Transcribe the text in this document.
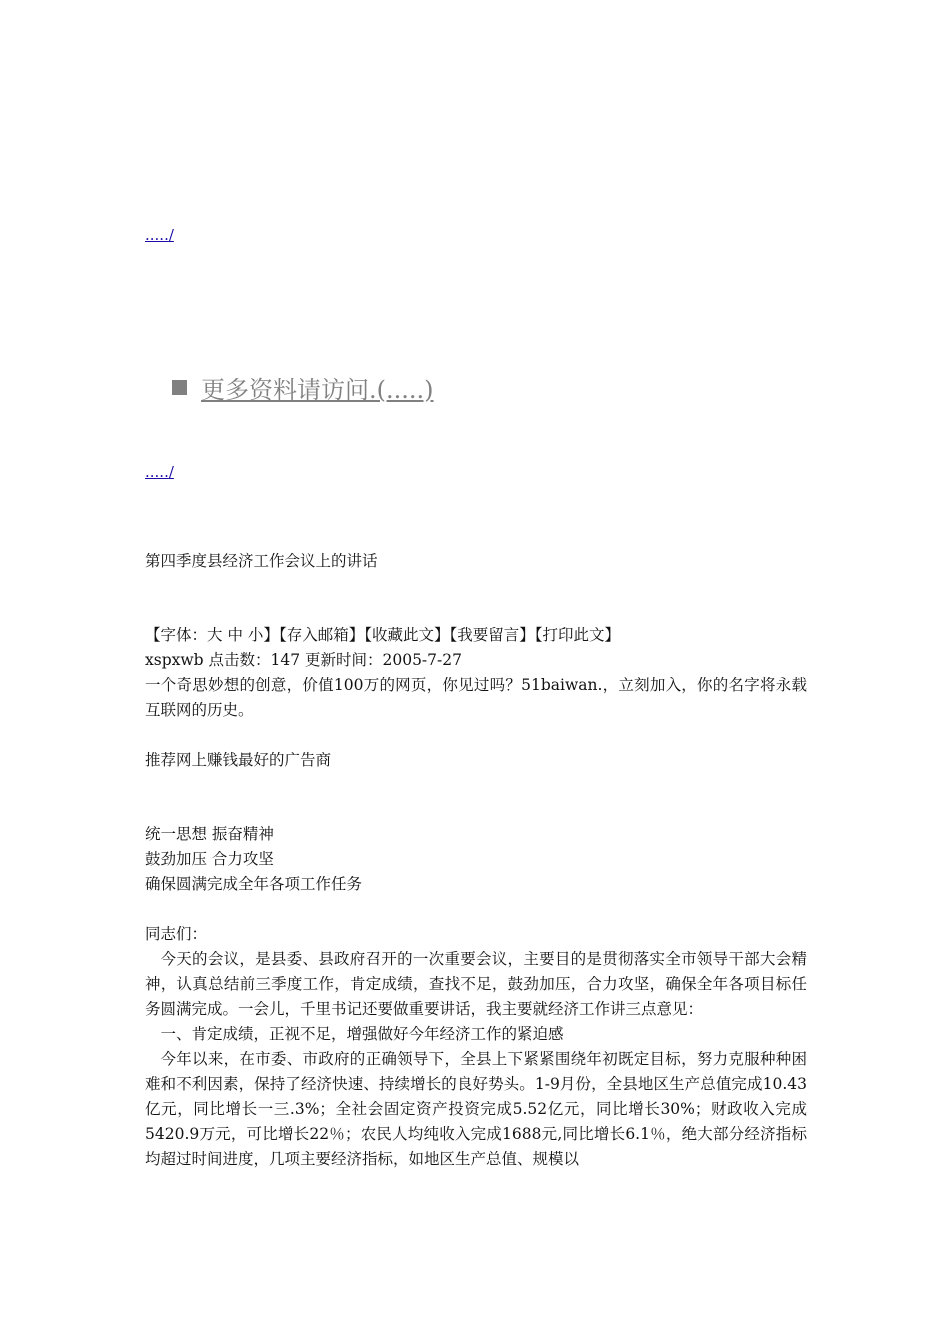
...../
更多资料请访问.(.....)
...../
第四季度县经济工作会议上的讲话
【字体：大 中 小】【存入邮箱】【收藏此文】【我要留言】【打印此文】
xspxwb 点击数：147 更新时间：2005-7-27

一个奇思妙想的创意，价值100万的网页，你见过吗？51baiwan.，立刻加入，你的名字将永载互联网的历史。

推荐网上赚钱最好的广告商
统一思想 振奋精神
鼓劲加压 合力攻坚
确保圆满完成全年各项工作任务

同志们：

今天的会议，是县委、县政府召开的一次重要会议，主要目的是贯彻落实全市领导干部大会精神，认真总结前三季度工作，肯定成绩，查找不足，鼓劲加压，合力攻坚，确保全年各项目标任务圆满完成。一会儿，千里书记还要做重要讲话，我主要就经济工作讲三点意见：

一、肯定成绩，正视不足，增强做好今年经济工作的紧迫感

今年以来，在市委、市政府的正确领导下，全县上下紧紧围绕年初既定目标，努力克服种种困难和不利因素，保持了经济快速、持续增长的良好势头。1-9月份，全县地区生产总值完成10.43亿元，同比增长一三.3%；全社会固定资产投资完成5.52亿元，同比增长30%；财政收入完成5420.9万元，可比增长22％；农民人均纯收入完成1688元,同比增长6.1％，绝大部分经济指标均超过时间进度，几项主要经济指标，如地区生产总值、规模以
